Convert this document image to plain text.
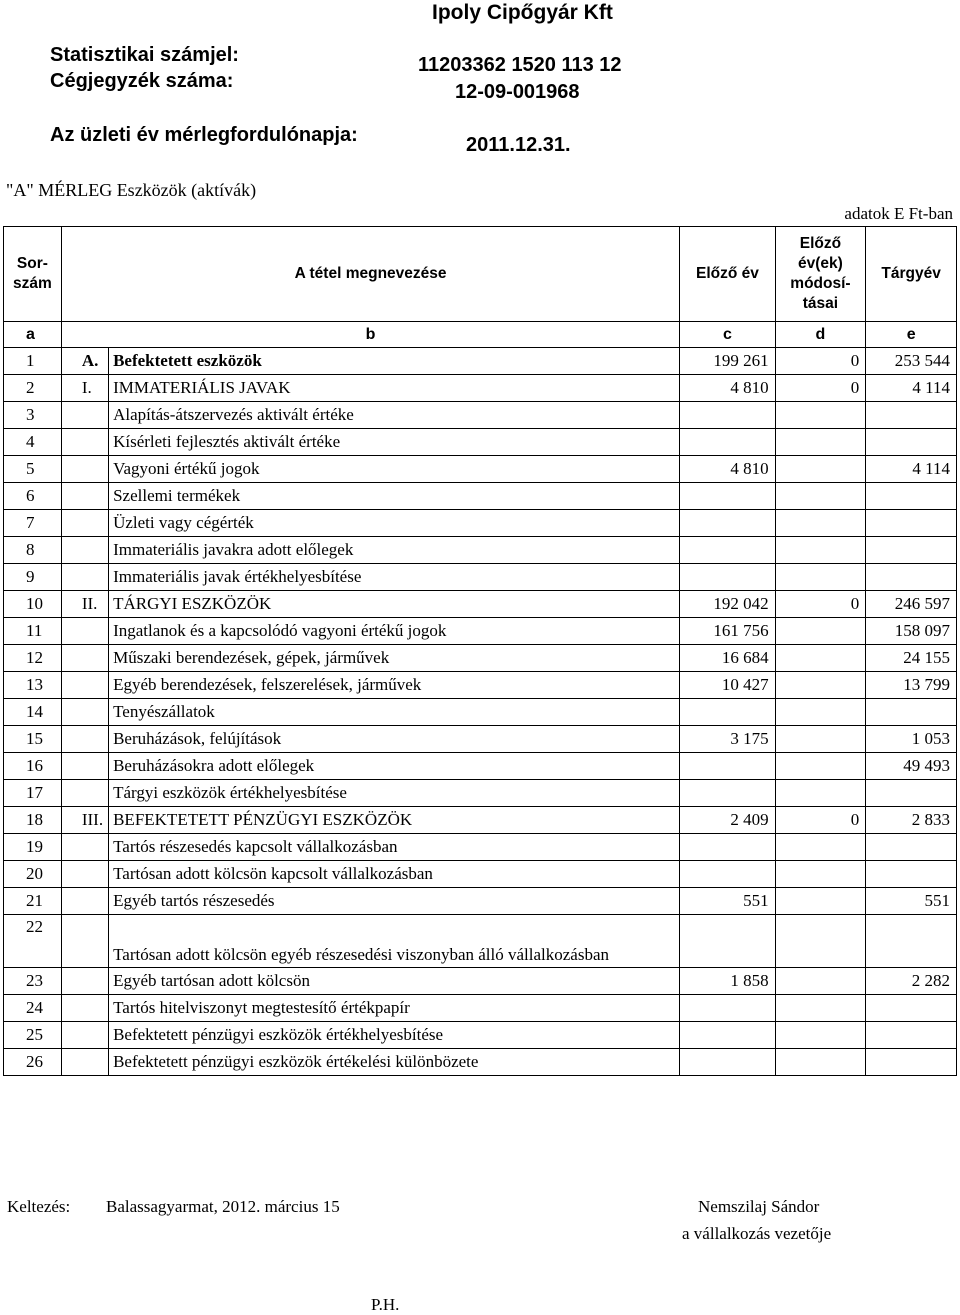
Ipoly Cipőgyár Kft
Statisztikai számjel:	11203362 1520 113 12
Cégjegyzék száma:	12-09-001968
Az üzleti év mérlegfordulónapja:	2011.12.31.
"A" MÉRLEG Eszközök (aktívák)
adatok E Ft-ban
Sor-
szám	A tétel megnevezése		Előző év	Előző
év(ek)
módosí-
tásai	Tárgyév
a	b		c	d	e
1	A.	Befektetett eszközök	199 261	0	253 544
2	I.	IMMATERIÁLIS JAVAK	4 810	0	4 114
3		Alapítás-átszervezés aktivált értéke			
4		Kísérleti fejlesztés aktivált értéke			
5		Vagyoni értékű jogok	4 810		4 114
6		Szellemi termékek			
7		Üzleti vagy cégérték			
8		Immateriális javakra adott előlegek			
9		Immateriális javak értékhelyesbítése			
10	II.	TÁRGYI ESZKÖZÖK	192 042	0	246 597
11		Ingatlanok és a kapcsolódó vagyoni értékű jogok	161 756		158 097
12		Műszaki berendezések, gépek, járművek	16 684		24 155
13		Egyéb berendezések, felszerelések, járművek	10 427		13 799
14		Tenyészállatok			
15		Beruházások, felújítások	3 175		1 053
16		Beruházásokra adott előlegek			49 493
17		Tárgyi eszközök értékhelyesbítése			
18	III.	BEFEKTETETT PÉNZÜGYI ESZKÖZÖK	2 409	0	2 833
19		Tartós részesedés kapcsolt vállalkozásban			
20		Tartósan adott kölcsön kapcsolt vállalkozásban			
21		Egyéb tartós részesedés	551		551
22		Tartósan adott kölcsön egyéb részesedési viszonyban álló vállalkozásban			
23		Egyéb tartósan adott kölcsön	1 858		2 282
24		Tartós hitelviszonyt megtestesítő értékpapír			
25		Befektetett pénzügyi eszközök értékhelyesbítése			
26		Befektetett pénzügyi eszközök értékelési különbözete			
Keltezés: Balassagyarmat, 2012. március 15	Nemszilaj Sándor
a vállalkozás vezetője
P.H.
